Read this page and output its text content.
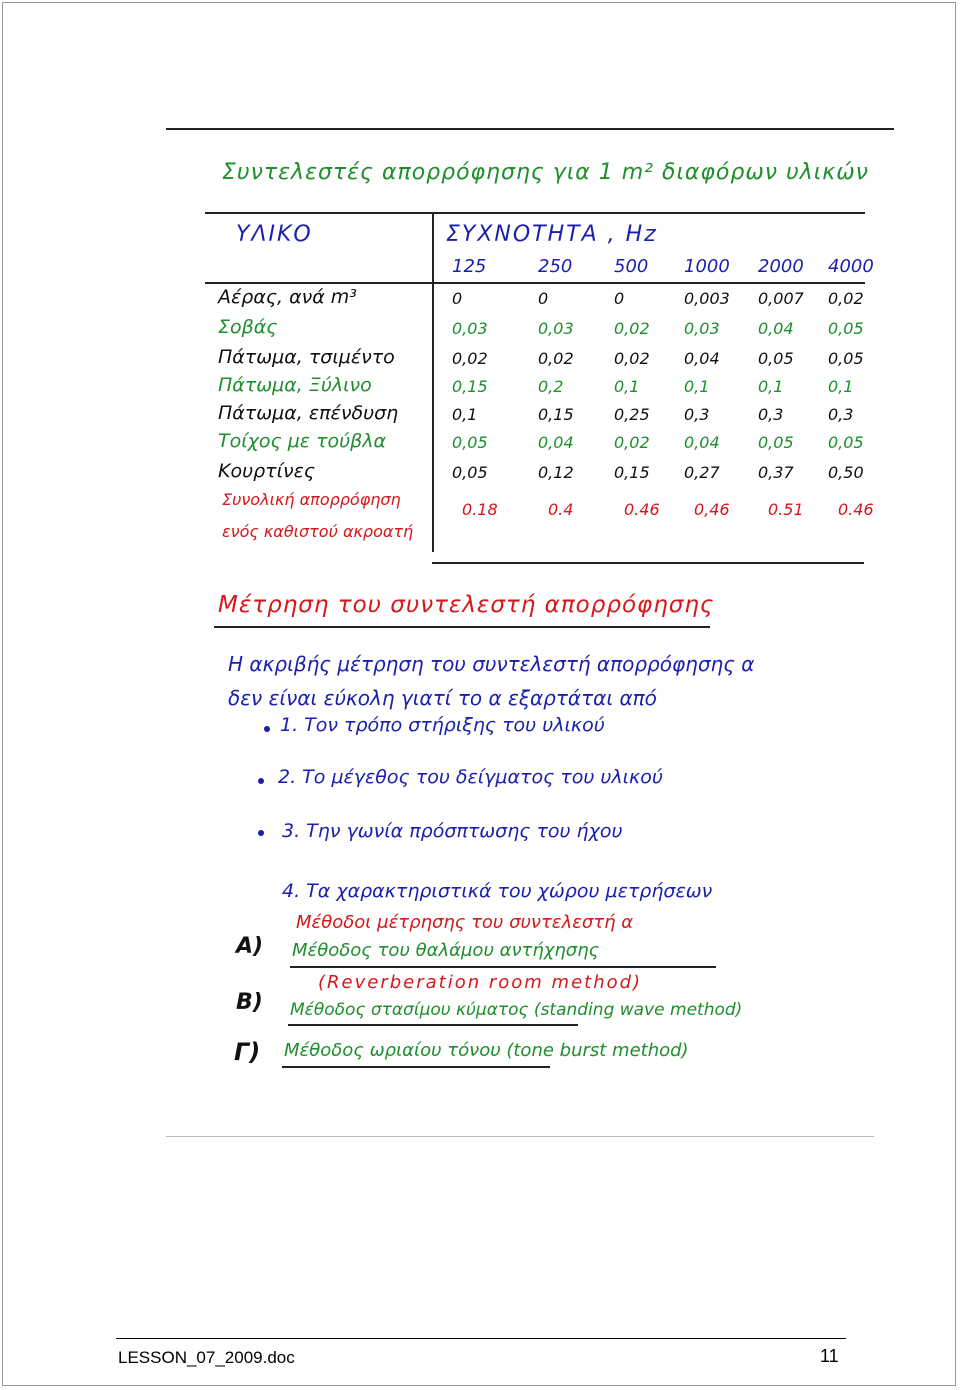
Συντελεστές απορρόφησης για 1 m² διαφόρων υλικών
ΥΛΙΚΟ	ΣΥΧΝΟΤΗΤΑ , Hz
125	250 500 1000 2000 4000
Αέρας, ανά m³	0	0	0	0,003 0,007 0,02
Σοβάς	0,03	0,03	0,02 0,03 0,04 0,05
Πάτωμα, τσιμέντο	0,02	0,02	0,02 0,04 0,05 0,05
Πάτωμα, Ξύλινο	0,15	0,2	0,1	0,1	0,1	0,1
Πάτωμα, επένδυση	0,1	0,15	0,25 0,3	0,3	0,3
Τοίχος με τούβλα	0,05	0,04	0,02 0,04 0,05 0,05
Κουρτίνες	0,05	0,12	0,15 0,27 0,37 0,50
Συνολική απορρόφηση
ενός καθιστού ακροατή
0.18	0.4	0.46 0,46 0.51 0.46
Μέτρηση του συντελεστή απορρόφησης
Η ακριβής μέτρηση του συντελεστή απορρόφησης α
δεν είναι εύκολη γιατί το α εξαρτάται από
1. Τον τρόπο στήριξης του υλικού
2. Το μέγεθος του δείγματος του υλικού
3. Την γωνία πρόσπτωσης του ήχου
4. Τα χαρακτηριστικά του χώρου μετρήσεων
Μέθοδοι μέτρησης του συντελεστή α
Α) Μέθοδος του θαλάμου αντήχησης
(Reverberation room method)
Β) Μέθοδος στασίμου κύματος (standing wave method)
Γ) Μέθοδος ωριαίου τόνου (tone burst method)
LESSON_07_2009.doc	11
